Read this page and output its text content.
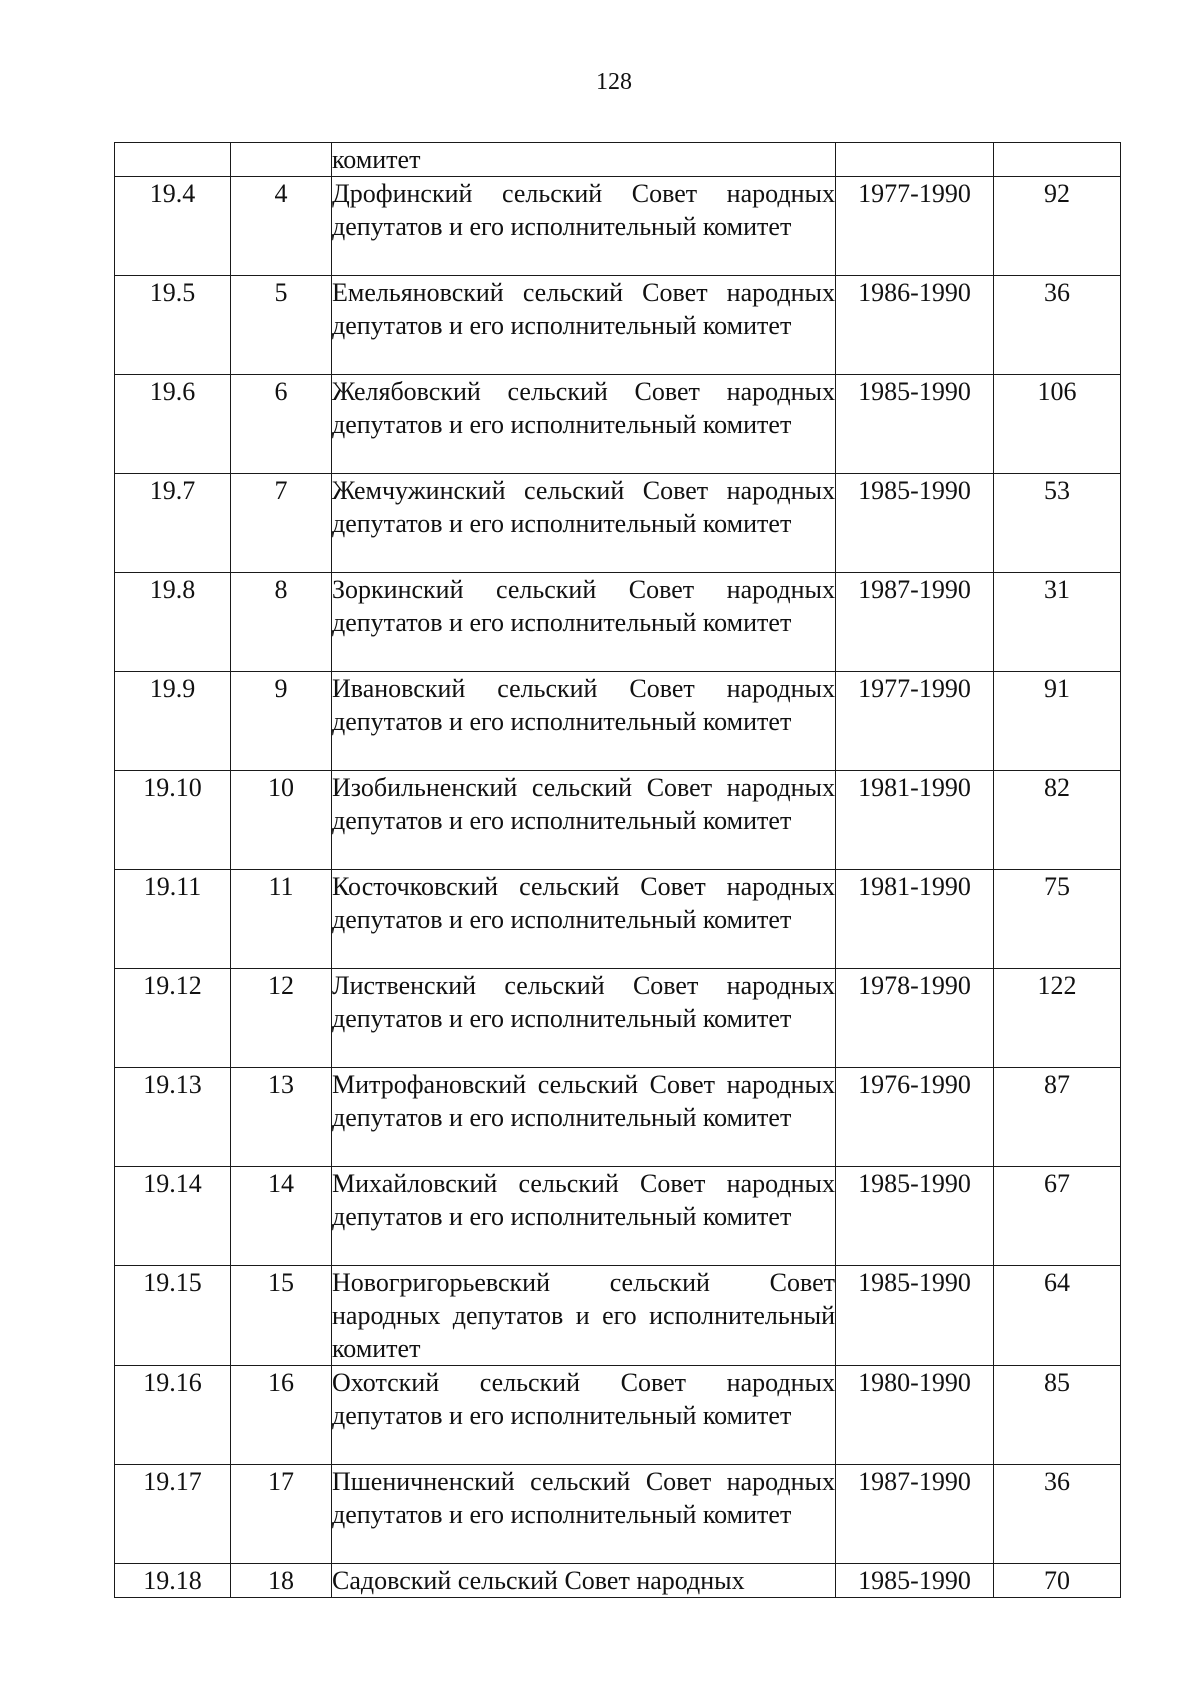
128

		комитет		

19.4	4	Дрофинский сельский Совет народных депутатов и его исполнительный комитет	1977-1990	92
19.5	5	Емельяновский сельский Совет народных депутатов и его исполнительный комитет	1986-1990	36
19.6	6	Желябовский сельский Совет народных депутатов и его исполнительный комитет	1985-1990	106
19.7	7	Жемчужинский сельский Совет народных депутатов и его исполнительный комитет	1985-1990	53
19.8	8	Зоркинский сельский Совет народных депутатов и его исполнительный комитет	1987-1990	31
19.9	9	Ивановский сельский Совет народных депутатов и его исполнительный комитет	1977-1990	91
19.10	10	Изобильненский сельский Совет народных депутатов и его исполнительный комитет	1981-1990	82
19.11	11	Косточковский сельский Совет народных депутатов и его исполнительный комитет	1981-1990	75
19.12	12	Лиственский сельский Совет народных депутатов и его исполнительный комитет	1978-1990	122
19.13	13	Митрофановский сельский Совет народных депутатов и его исполнительный комитет	1976-1990	87
19.14	14	Михайловский сельский Совет народных депутатов и его исполнительный комитет	1985-1990	67
19.15	15	Новогригорьевский сельский Совет народных депутатов и его исполнительный комитет	1985-1990	64
19.16	16	Охотский сельский Совет народных депутатов и его исполнительный комитет	1980-1990	85
19.17	17	Пшеничненский сельский Совет народных депутатов и его исполнительный комитет	1987-1990	36
19.18	18	Садовский сельский Совет народных	1985-1990	70
